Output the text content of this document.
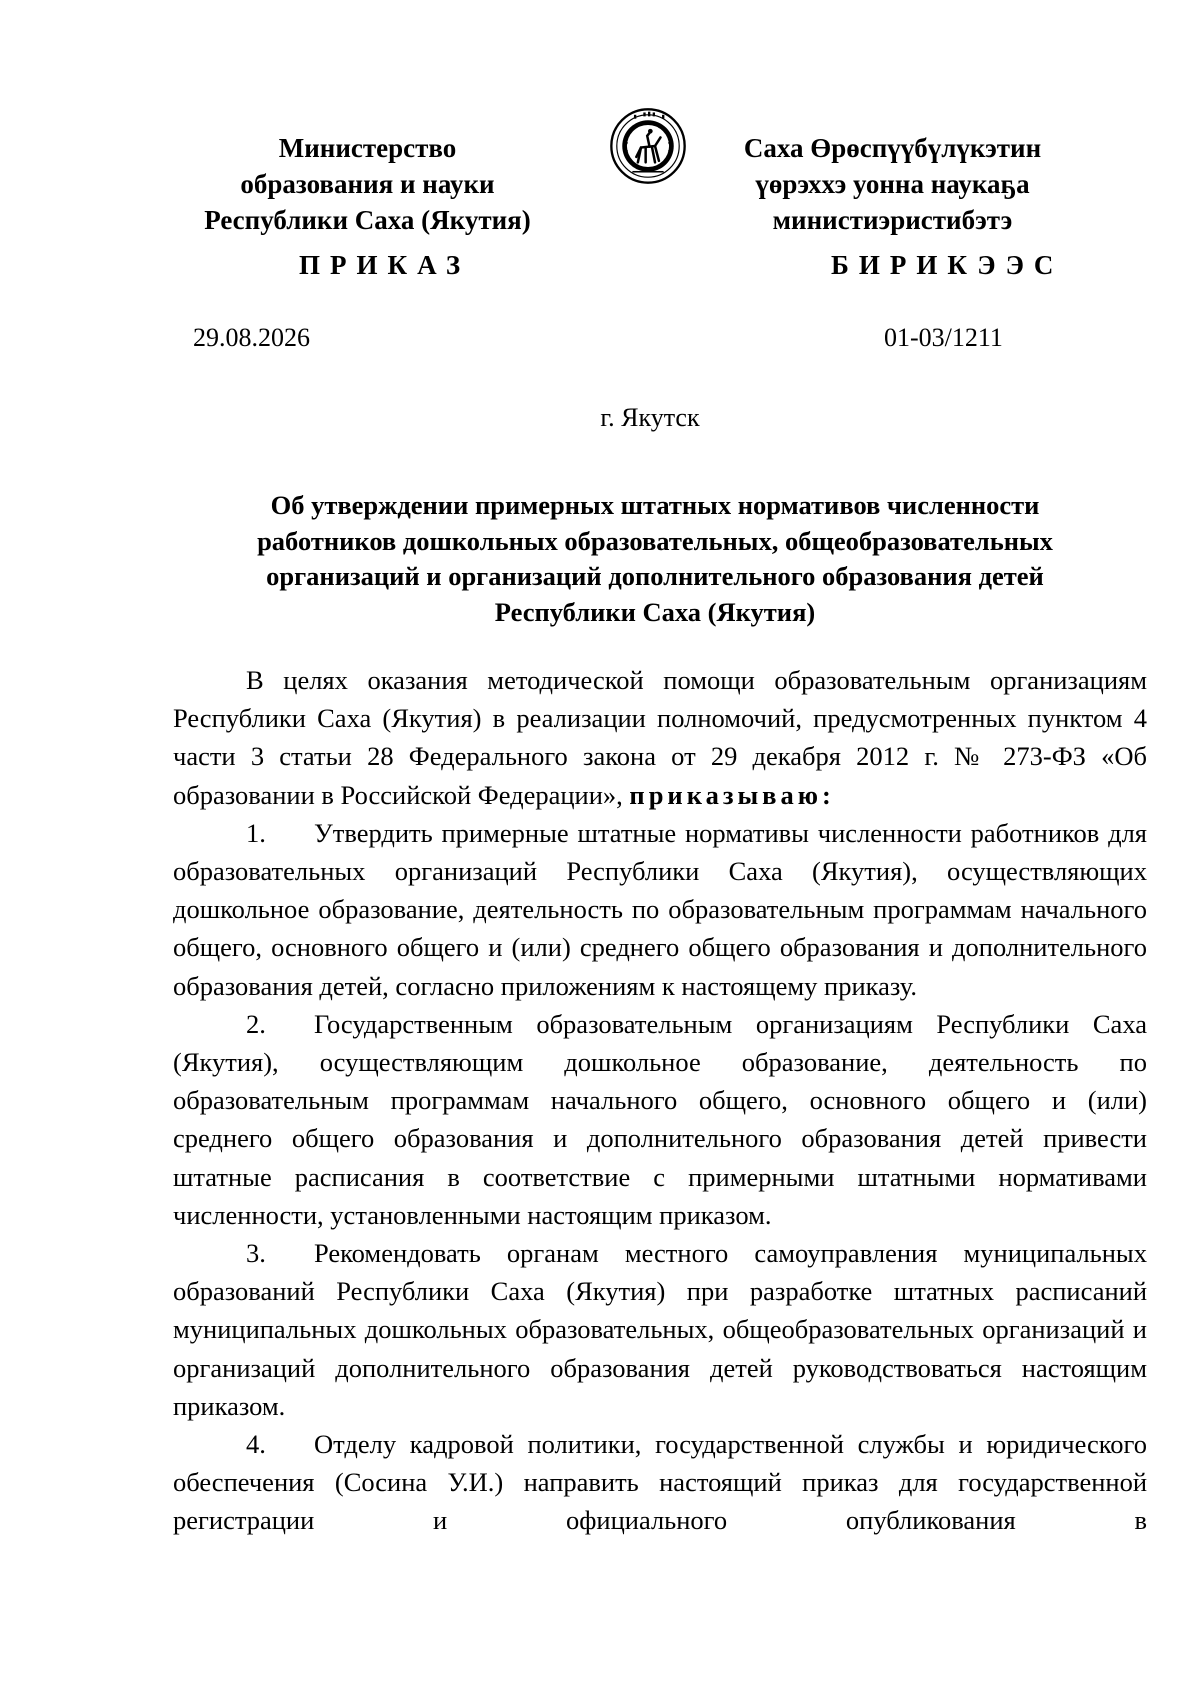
Министерство
образования и науки
Республики Саха (Якутия)
Саха Өрөспүүбүлүкэтин
үөрэххэ уонна наукаҕа
министиэристибэтэ
ПРИКАЗ	БИРИКЭЭС
29.08.2026	01-03/1211
г. Якутск
Об утверждении примерных штатных нормативов численности
работников дошкольных образовательных, общеобразовательных
организаций и организаций дополнительного образования детей
Республики Саха (Якутия)

В целях оказания методической помощи образовательным организациям Республики Саха (Якутия) в реализации полномочий, предусмотренных пунктом 4 части 3 статьи 28 Федерального закона от 29 декабря 2012 г. № 273-ФЗ «Об образовании в Российской Федерации», приказываю:

1. Утвердить примерные штатные нормативы численности работников для образовательных организаций Республики Саха (Якутия), осуществляющих дошкольное образование, деятельность по образовательным программам начального общего, основного общего и (или) среднего общего образования и дополнительного образования детей, согласно приложениям к настоящему приказу.

2. Государственным образовательным организациям Республики Саха (Якутия), осуществляющим дошкольное образование, деятельность по образовательным программам начального общего, основного общего и (или) среднего общего образования и дополнительного образования детей привести штатные расписания в соответствие с примерными штатными нормативами численности, установленными настоящим приказом.

3. Рекомендовать органам местного самоуправления муниципальных образований Республики Саха (Якутия) при разработке штатных расписаний муниципальных дошкольных образовательных, общеобразовательных организаций и организаций дополнительного образования детей руководствоваться настоящим приказом.

4. Отделу кадровой политики, государственной службы и юридического обеспечения (Сосина У.И.) направить настоящий приказ для государственной регистрации и официального опубликования в
